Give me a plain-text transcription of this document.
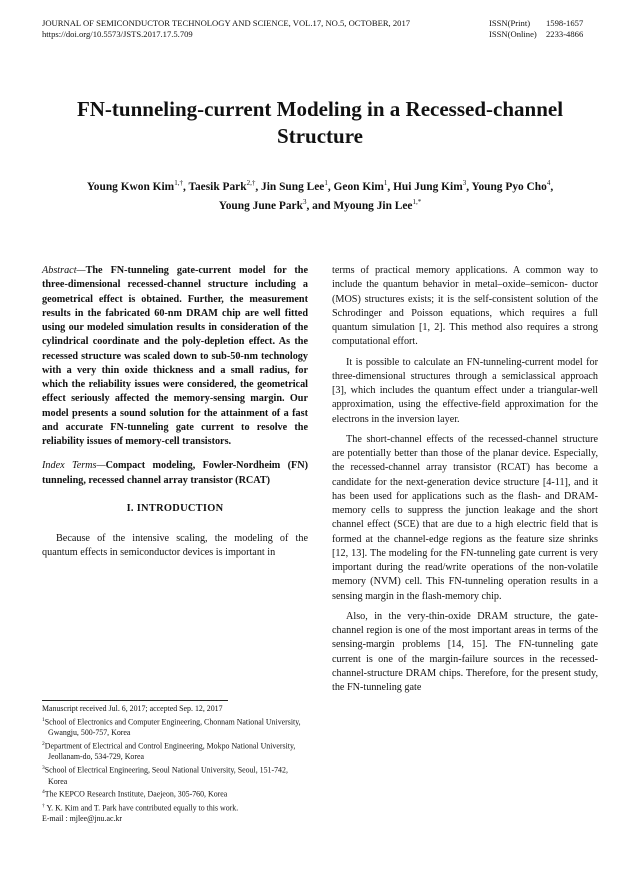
JOURNAL OF SEMICONDUCTOR TECHNOLOGY AND SCIENCE, VOL.17, NO.5, OCTOBER, 2017
https://doi.org/10.5573/JSTS.2017.17.5.709
ISSN(Print) 1598-1657
ISSN(Online) 2233-4866
FN-tunneling-current Modeling in a Recessed-channel
Structure
Young Kwon Kim$^{1,\dagger}$, Taesik Park$^{2,\dagger}$, Jin Sung Lee$^1$, Geon Kim$^1$, Hui Jung Kim$^3$, Young Pyo Cho$^4$,
Young June Park$^3$, and Myoung Jin Lee$^{1,*}$

Abstract—The FN-tunneling gate-current model for the three-dimensional recessed-channel structure including a geometrical effect is obtained. Further, the measurement results in the fabricated 60-nm DRAM chip are well fitted using our modeled simulation results in consideration of the cylindrical coordinate and the poly-depletion effect. As the recessed structure was scaled down to sub-50-nm technology with a very thin oxide thickness and a small radius, for which the reliability issues were considered, the geometrical effect seriously affected the memory-sensing margin. Our model presents a sound solution for the attainment of a fast and accurate FN-tunneling gate current to resolve the reliability issues of memory-cell transistors.

Index Terms—Compact modeling, Fowler-Nordheim (FN) tunneling, recessed channel array transistor (RCAT)

I. INTRODUCTION

Because of the intensive scaling, the modeling of the quantum effects in semiconductor devices is important in

terms of practical memory applications. A common way to include the quantum behavior in metal–oxide–semicon- ductor (MOS) structures exists; it is the self-consistent solution of the Schrodinger and Poisson equations, which requires a full quantum simulation [1, 2]. This method also requires a strong computational effort.

It is possible to calculate an FN-tunneling-current model for three-dimensional structures through a semiclassical approach [3], which includes the quantum effect under a triangular-well approximation, using the effective-field approximation for the electrons in the inversion layer.

The short-channel effects of the recessed-channel structure are potentially better than those of the planar device. Especially, the recessed-channel array transistor (RCAT) has become a candidate for the next-generation device structure [4-11], and it has been used for applications such as the flash- and DRAM-memory cells to suppress the junction leakage and the short channel effect (SCE) that are due to a high electric field that is formed at the channel-edge regions as the feature size shrinks [12, 13]. The modeling for the FN-tunneling gate current is very important during the read/write operations of the non-volatile memory (NVM) cell. This FN-tunneling operation results in a sensing margin in the flash-memory chip.

Also, in the very-thin-oxide DRAM structure, the gate-channel region is one of the most important areas in terms of the sensing-margin problems [14, 15]. The FN-tunneling gate current is one of the margin-failure sources in the recessed-channel-structure DRAM chips. Therefore, for the present study, the FN-tunneling gate

Manuscript received Jul. 6, 2017; accepted Sep. 12, 2017

$^1$School of Electronics and Computer Engineering, Chonnam National University, Gwangju, 500-757, Korea

$^2$Department of Electrical and Control Engineering, Mokpo National University, Jeollanam-do, 534-729, Korea

$^3$School of Electrical Engineering, Seoul National University, Seoul, 151-742, Korea

$^4$The KEPCO Research Institute, Daejeon, 305-760, Korea

† Y. K. Kim and T. Park have contributed equally to this work.

E-mail : mjlee@jnu.ac.kr
